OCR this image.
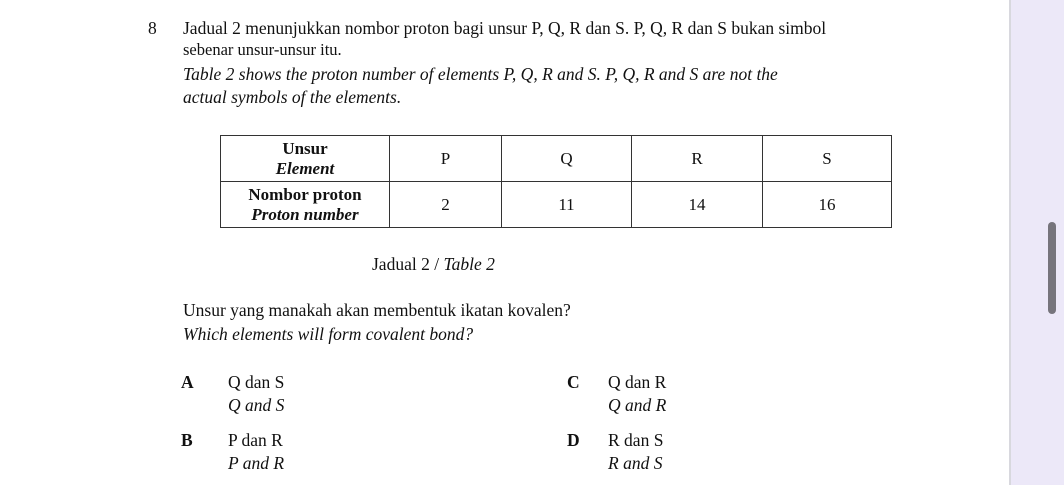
8 Jadual 2 menunjukkan nombor proton bagi unsur P, Q, R dan S. P, Q, R dan S bukan simbol
sebenar unsur-unsur itu.
Table 2 shows the proton number of elements P, Q, R and S. P, Q, R and S are not the
actual symbols of the elements.
Unsur
Element	P	Q	R	S
Nombor proton
Proton number	2	11	14	16
Jadual 2 / Table 2
Unsur yang manakah akan membentuk ikatan kovalen?
Which elements will form covalent bond?
A Q dan S
Q and S
B P dan R
P and R
C Q dan R
Q and R
D R dan S
R and S
